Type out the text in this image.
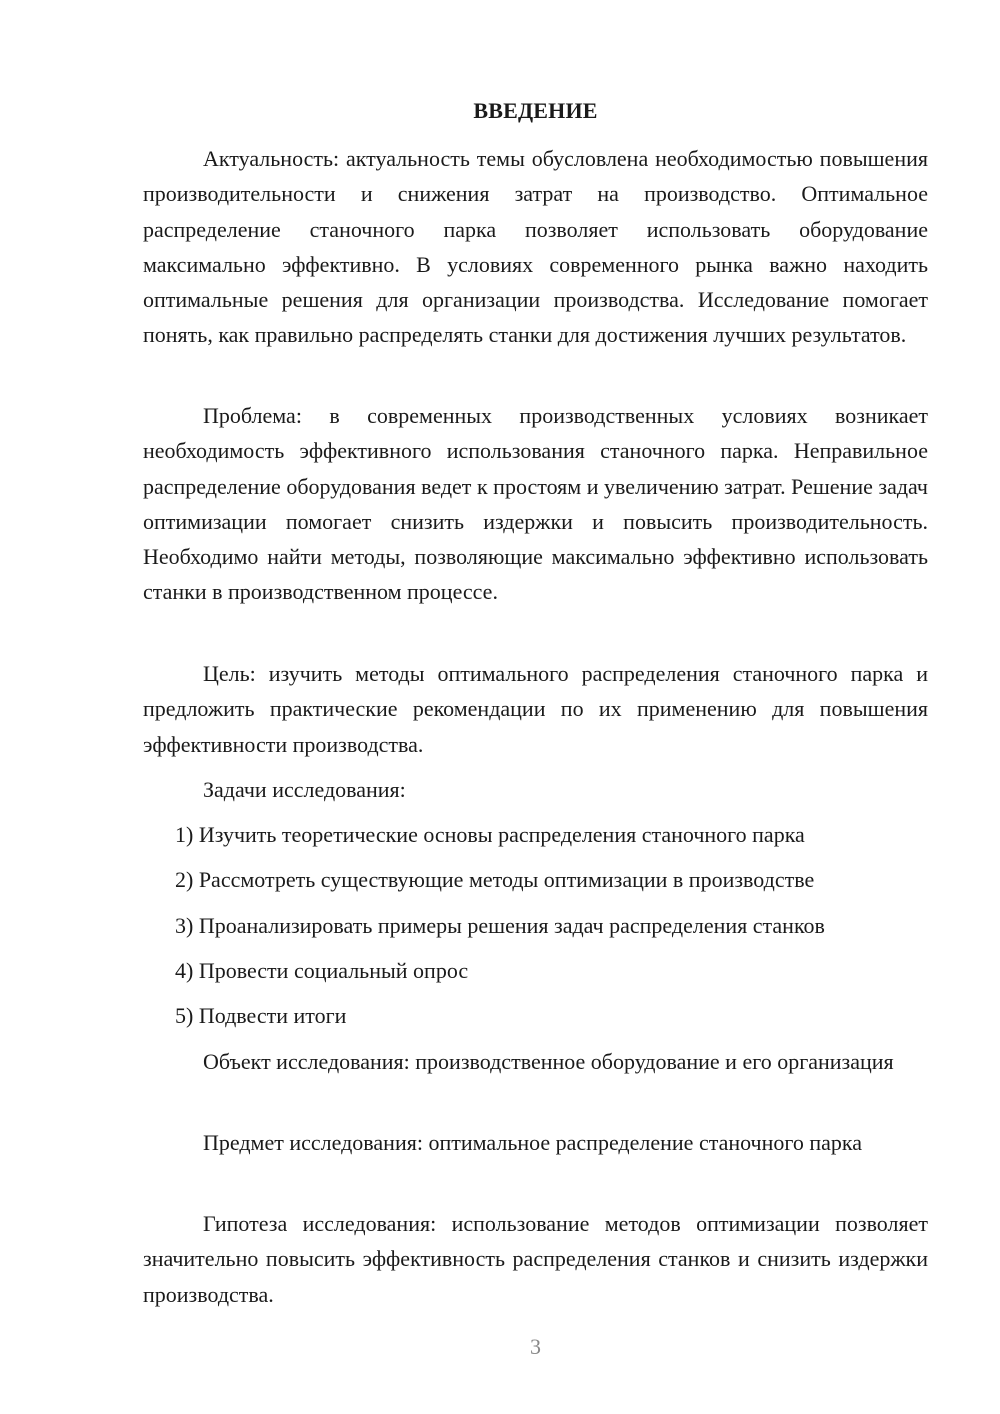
ВВЕДЕНИЕ

Актуальность: актуальность темы обусловлена необходимостью повышения производительности и снижения затрат на производство. Оптимальное распределение станочного парка позволяет использовать оборудование максимально эффективно. В условиях современного рынка важно находить оптимальные решения для организации производства. Исследование помогает понять, как правильно распределять станки для достижения лучших результатов.

Проблема: в современных производственных условиях возникает необходимость эффективного использования станочного парка. Неправильное распределение оборудования ведет к простоям и увеличению затрат. Решение задач оптимизации помогает снизить издержки и повысить производительность. Необходимо найти методы, позволяющие максимально эффективно использовать станки в производственном процессе.

Цель: изучить методы оптимального распределения станочного парка и предложить практические рекомендации по их применению для повышения эффективности производства.

Задачи исследования:

1) Изучить теоретические основы распределения станочного парка

2) Рассмотреть существующие методы оптимизации в производстве

3) Проанализировать примеры решения задач распределения станков

4) Провести социальный опрос

5) Подвести итоги

Объект исследования: производственное оборудование и его организация

Предмет исследования: оптимальное распределение станочного парка

Гипотеза исследования: использование методов оптимизации позволяет значительно повысить эффективность распределения станков и снизить издержки производства.

3
